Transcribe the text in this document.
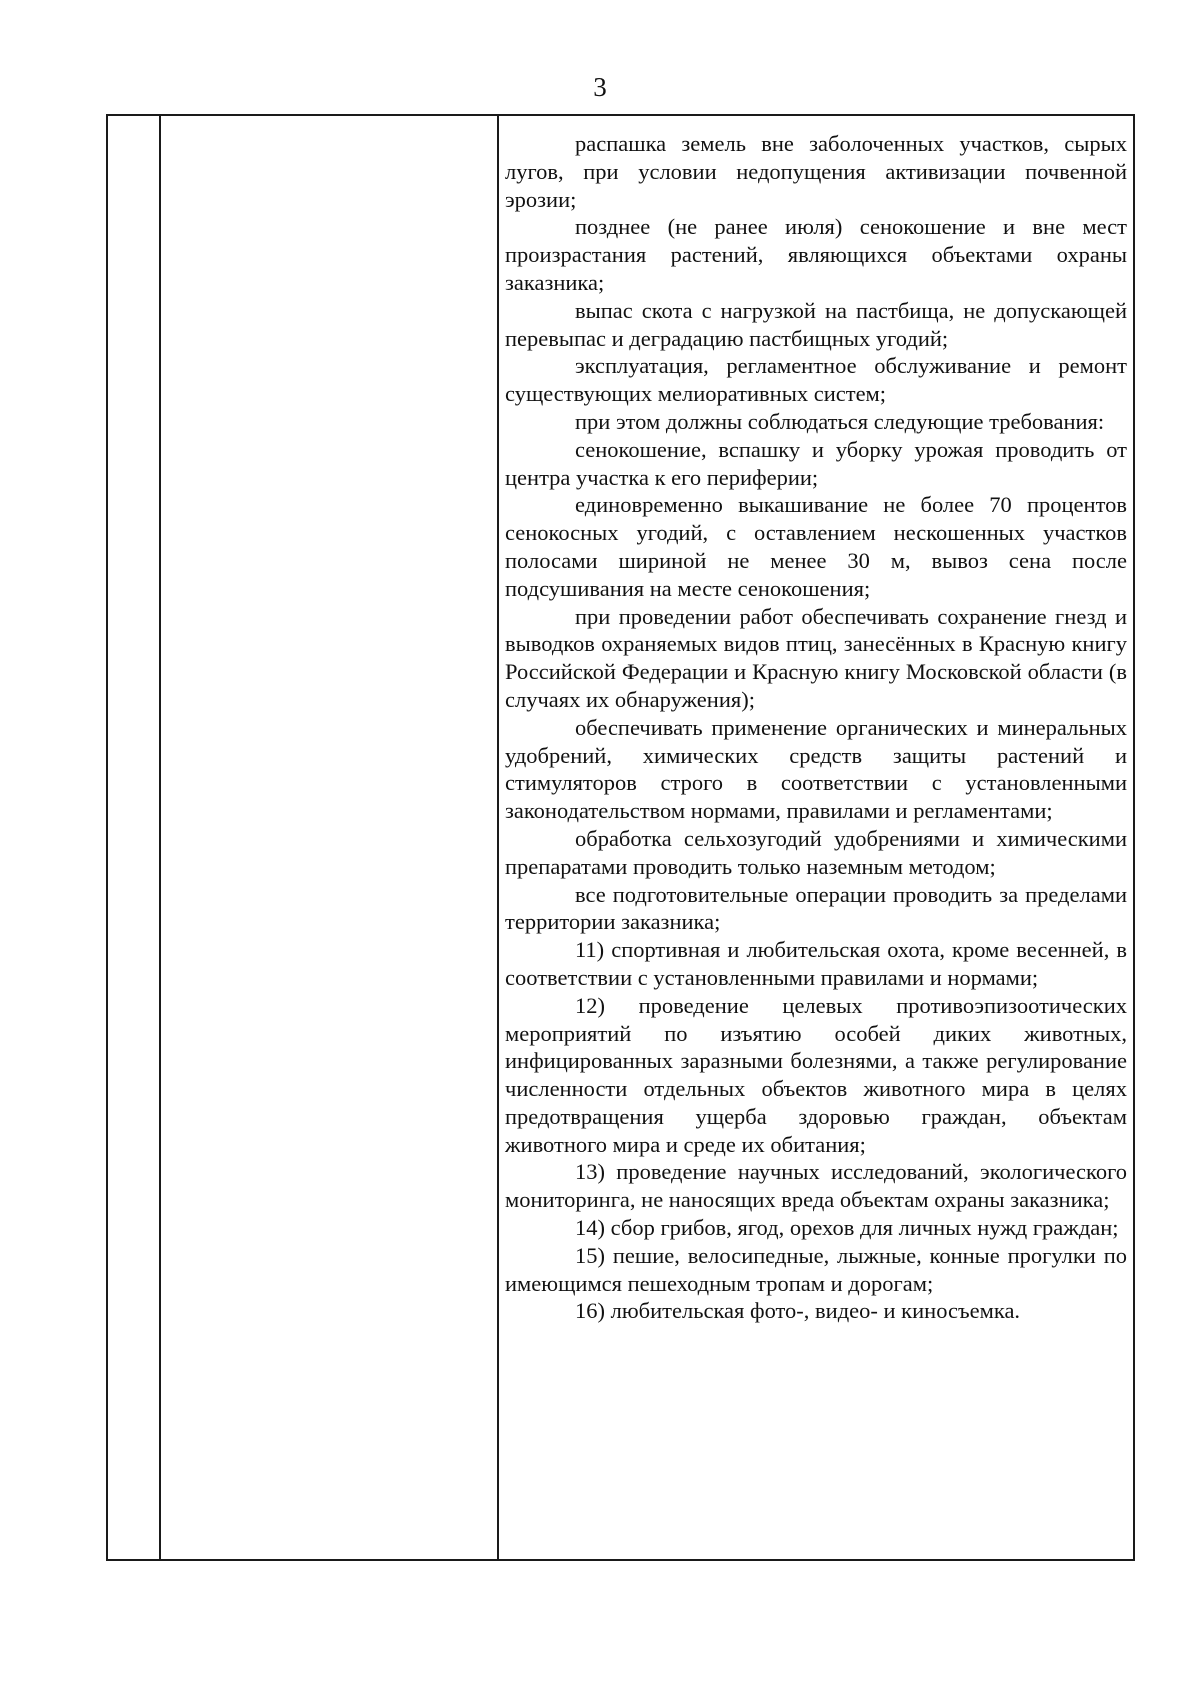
3

распашка земель вне заболоченных участков, сырых лугов, при условии недопущения активизации почвенной эрозии;

позднее (не ранее июля) сенокошение и вне мест произрастания растений, являющихся объектами охраны заказника;

выпас скота с нагрузкой на пастбища, не допускающей перевыпас и деградацию пастбищных угодий;

эксплуатация, регламентное обслуживание и ремонт существующих мелиоративных систем;

при этом должны соблюдаться следующие требования:

сенокошение, вспашку и уборку урожая проводить от центра участка к его периферии;

единовременно выкашивание не более 70 процентов сенокосных угодий, с оставлением нескошенных участков полосами шириной не менее 30 м, вывоз сена после подсушивания на месте сенокошения;

при проведении работ обеспечивать сохранение гнезд и выводков охраняемых видов птиц, занесённых в Красную книгу Российской Федерации и Красную книгу Московской области (в случаях их обнаружения);

обеспечивать применение органических и минеральных удобрений, химических средств защиты растений и стимуляторов строго в соответствии с установленными законодательством нормами, правилами и регламентами;

обработка сельхозугодий удобрениями и химическими препаратами проводить только наземным методом;

все подготовительные операции проводить за пределами территории заказника;

11) спортивная и любительская охота, кроме весенней, в соответствии с установленными правилами и нормами;

12) проведение целевых противоэпизоотических мероприятий по изъятию особей диких животных, инфицированных заразными болезнями, а также регулирование численности отдельных объектов животного мира в целях предотвращения ущерба здоровью граждан, объектам животного мира и среде их обитания;

13) проведение научных исследований, экологического мониторинга, не наносящих вреда объектам охраны заказника;

14) сбор грибов, ягод, орехов для личных нужд граждан;

15) пешие, велосипедные, лыжные, конные прогулки по имеющимся пешеходным тропам и дорогам;

16) любительская фото-, видео- и киносъемка.
